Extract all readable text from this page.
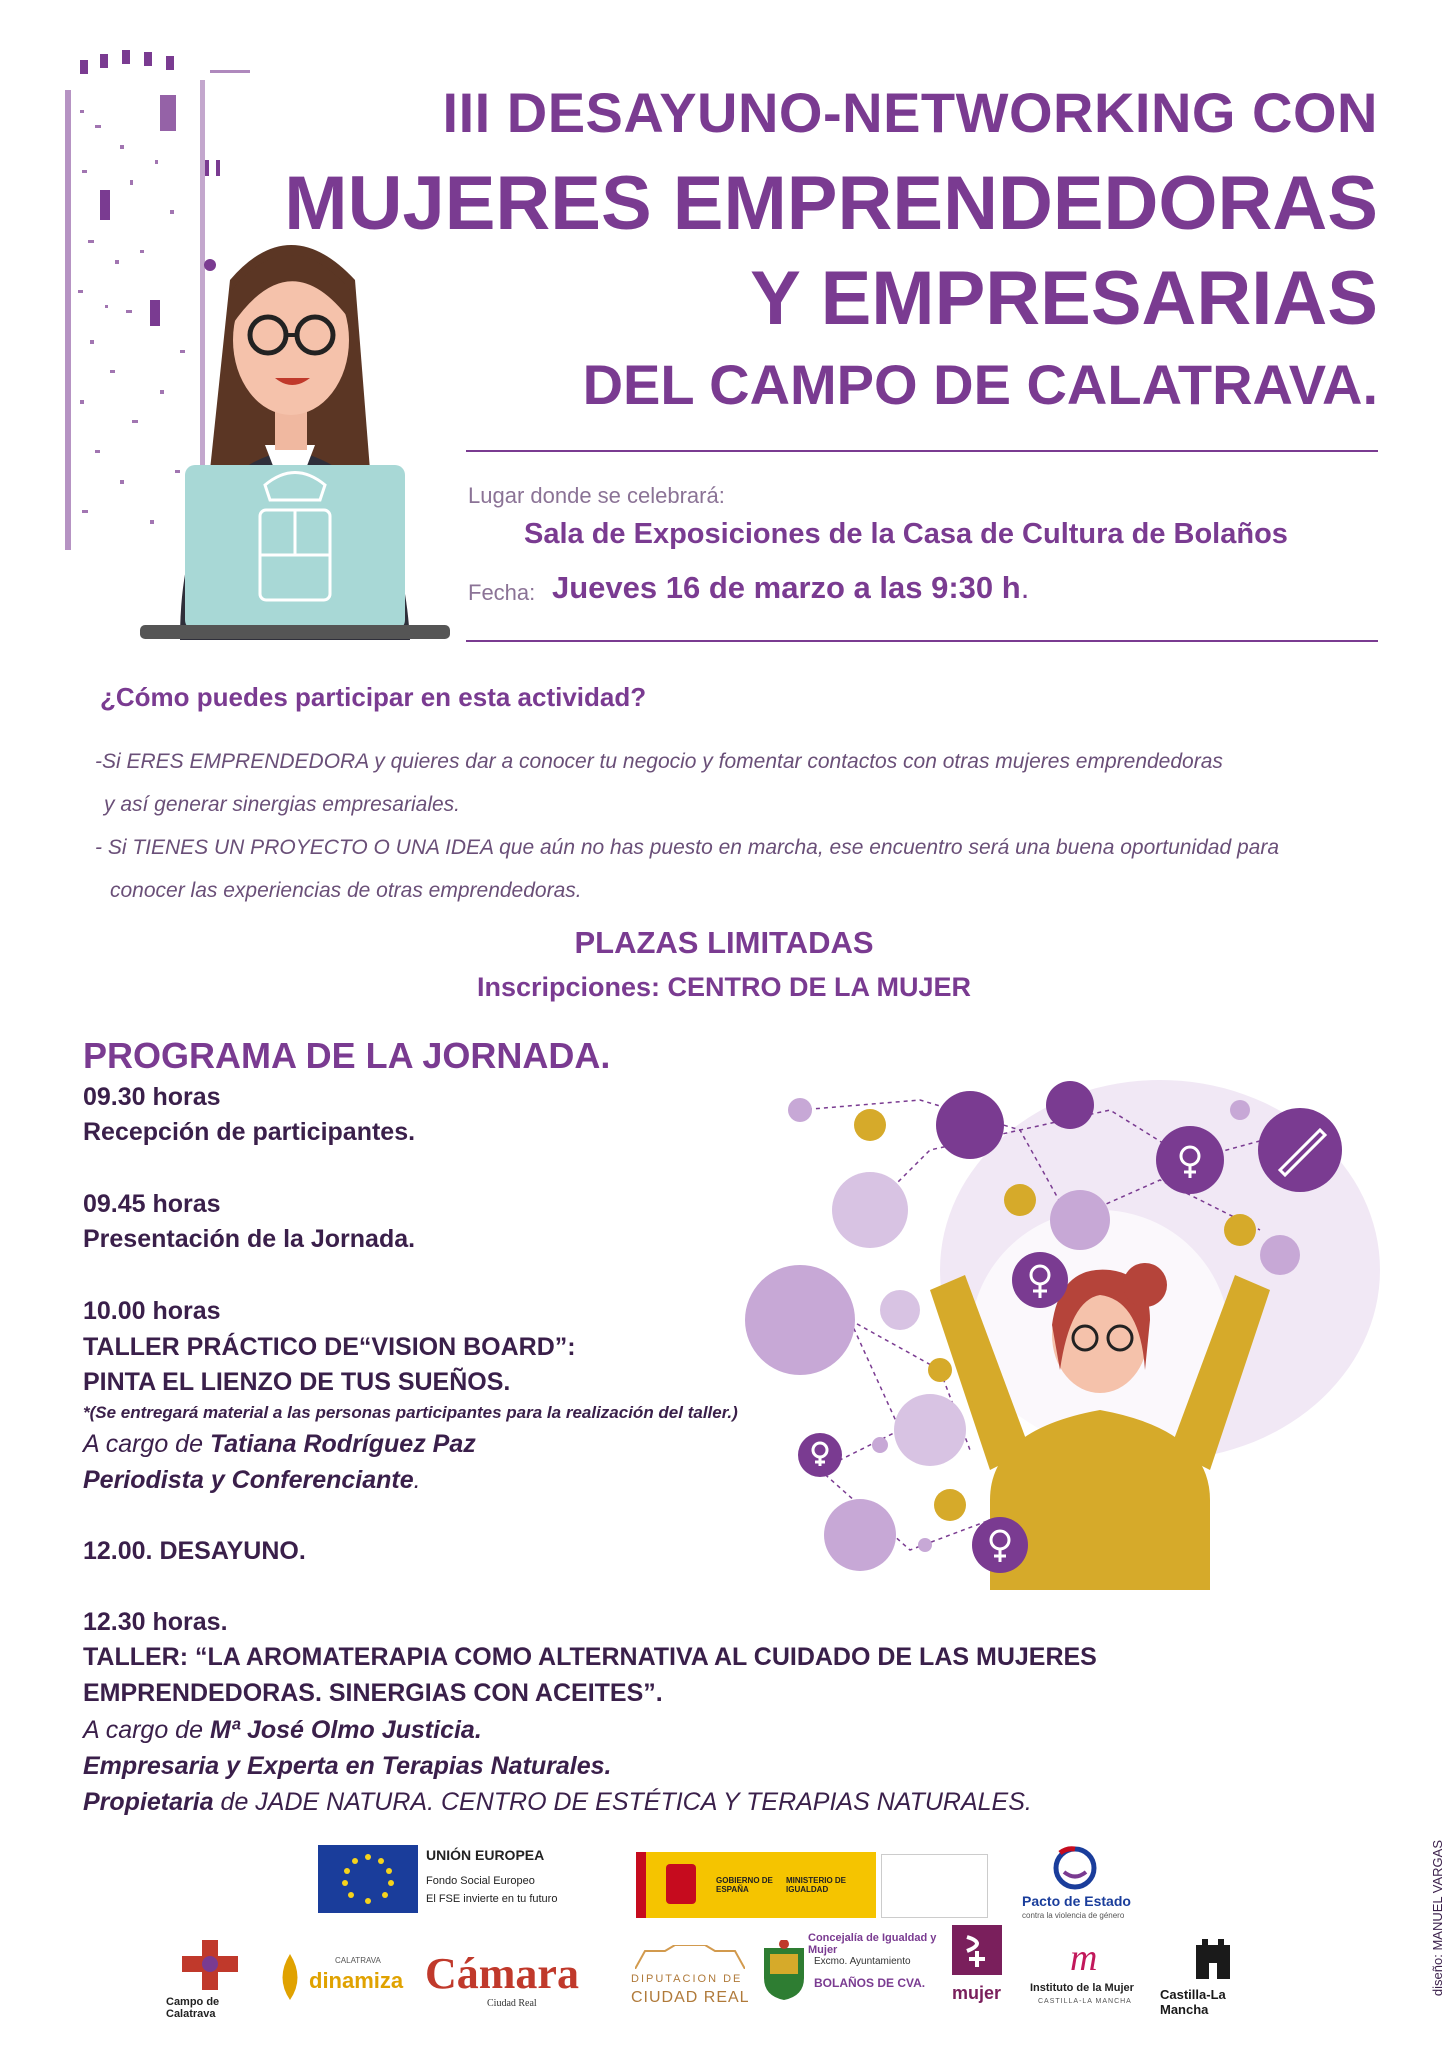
III DESAYUNO-NETWORKING CON
MUJERES EMPRENDEDORAS
Y EMPRESARIAS
DEL CAMPO DE CALATRAVA.
Lugar donde se celebrará:
Sala de Exposiciones de la Casa de Cultura de Bolaños
Fecha: Jueves 16 de marzo a las 9:30 h.
¿Cómo puedes participar en esta actividad?
-Si ERES EMPRENDEDORA y quieres dar a conocer tu negocio y fomentar contactos con otras mujeres emprendedoras
y así generar sinergias empresariales.
- Si TIENES UN PROYECTO O UNA IDEA que aún no has puesto en marcha, ese encuentro será una buena oportunidad para
conocer las experiencias de otras emprendedoras.
PLAZAS LIMITADAS
Inscripciones: CENTRO DE LA MUJER
PROGRAMA DE LA JORNADA.
09.30 horas
Recepción de participantes.
09.45 horas
Presentación de la Jornada.
10.00 horas
TALLER PRÁCTICO DE“VISION BOARD”:
PINTA EL LIENZO DE TUS SUEÑOS.
*(Se entregará material a las personas participantes para la realización del taller.)
A cargo de Tatiana Rodríguez Paz
Periodista y Conferenciante.
12.00. DESAYUNO.
12.30 horas.
TALLER: “LA AROMATERAPIA COMO ALTERNATIVA AL CUIDADO DE LAS MUJERES
EMPRENDEDORAS. SINERGIAS CON ACEITES”.
A cargo de Mª José Olmo Justicia.
Empresaria y Experta en Terapias Naturales.
Propietaria de JADE NATURA. CENTRO DE ESTÉTICA Y TERAPIAS NATURALES.
UNIÓN EUROPEA
Fondo Social Europeo
El FSE invierte en tu futuro
GOBIERNO DE ESPAÑA
MINISTERIO DE IGUALDAD
Pacto de Estado
contra la violencia de género
Campo de Calatrava
CALATRAVA
dinamiza Cámara
Ciudad Real
DIPUTACION DE
CIUDAD REAL
Concejalía de Igualdad y Mujer
Excmo. Ayuntamiento
BOLAÑOS DE CVA. mujer
m
Instituto de la Mujer
CASTILLA-LA MANCHA Castilla-La Mancha
diseño: MANUEL VARGAS
